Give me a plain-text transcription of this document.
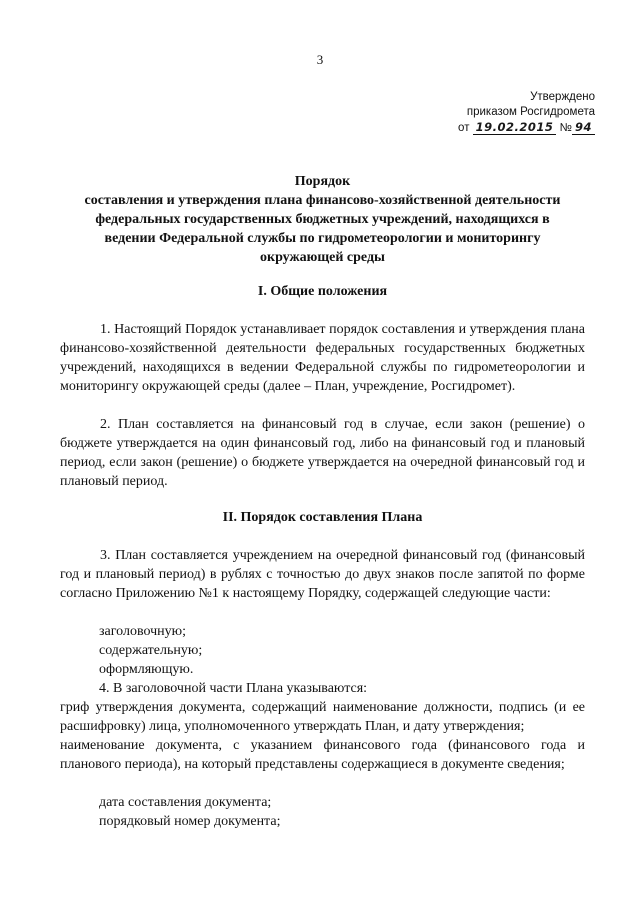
3
Утверждено
приказом Росгидромета
от 19.02.2015 № 94
Порядок
составления и утверждения плана финансово-хозяйственной деятельности
федеральных государственных бюджетных учреждений, находящихся в
ведении Федеральной службы по гидрометеорологии и мониторингу
окружающей среды
I. Общие положения
1. Настоящий Порядок устанавливает порядок составления и утверждения плана финансово-хозяйственной деятельности федеральных государственных бюджетных учреждений, находящихся в ведении Федеральной службы по гидрометеорологии и мониторингу окружающей среды (далее – План, учреждение, Росгидромет).
2. План составляется на финансовый год в случае, если закон (решение) о бюджете утверждается на один финансовый год, либо на финансовый год и плановый период, если закон (решение) о бюджете утверждается на очередной финансовый год и плановый период.
II. Порядок составления Плана
3. План составляется учреждением на очередной финансовый год (финансовый год и плановый период) в рублях с точностью до двух знаков после запятой по форме согласно Приложению №1 к настоящему Порядку, содержащей следующие части:
заголовочную;
содержательную;
оформляющую.
4. В заголовочной части Плана указываются:
гриф утверждения документа, содержащий наименование должности, подпись (и ее расшифровку) лица, уполномоченного утверждать План, и дату утверждения;
наименование документа, с указанием финансового года (финансового года и планового периода), на который представлены содержащиеся в документе сведения;
дата составления документа;
порядковый номер документа;
